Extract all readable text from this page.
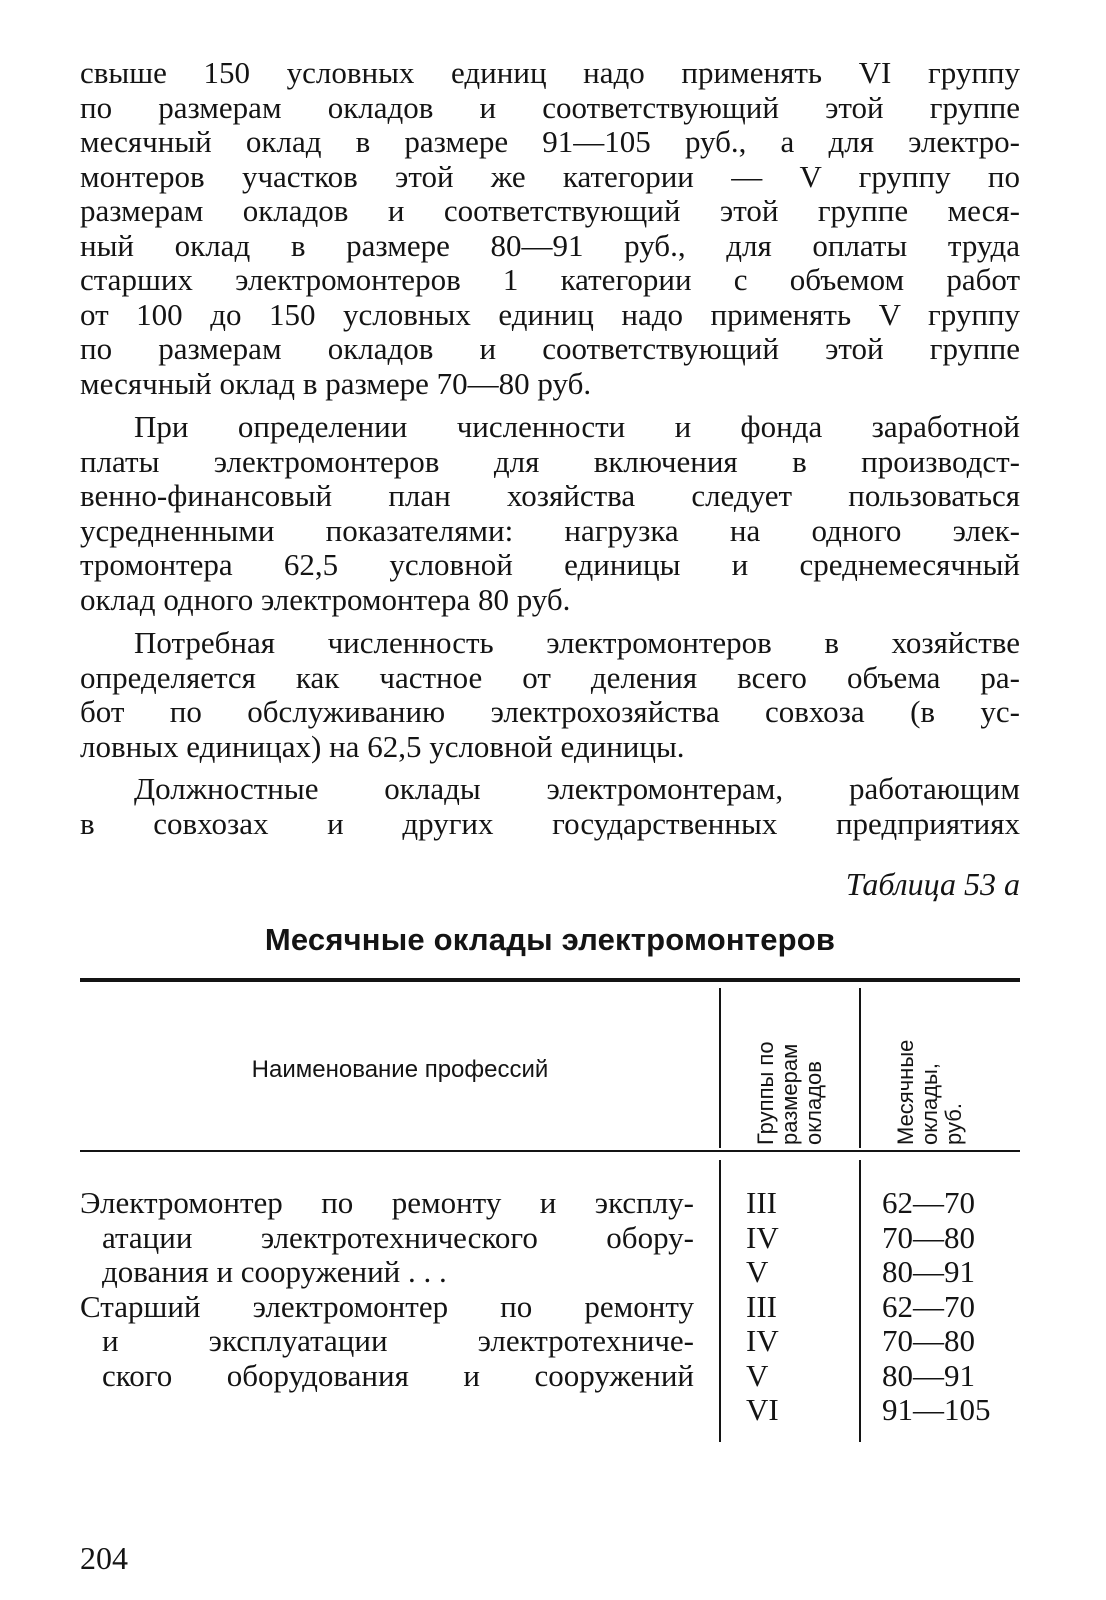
свыше 150 условных единиц надо применять VI группу
по размерам окладов и соответствующий этой группе
месячный оклад в размере 91—105 руб., а для электро-
монтеров участков этой же категории — V группу по
размерам окладов и соответствующий этой группе меся-
ный оклад в размере 80—91 руб., для оплаты труда
старших электромонтеров 1 категории с объемом работ
от 100 до 150 условных единиц надо применять V группу
по размерам окладов и соответствующий этой группе
месячный оклад в размере 70—80 руб.

При определении численности и фонда заработной
платы электромонтеров для включения в производст-
венно-финансовый план хозяйства следует пользоваться
усредненными показателями: нагрузка на одного элек-
тромонтера 62,5 условной единицы и среднемесячный
оклад одного электромонтера 80 руб.

Потребная численность электромонтеров в хозяйстве
определяется как частное от деления всего объема ра-
бот по обслуживанию электрохозяйства совхоза (в ус-
ловных единицах) на 62,5 условной единицы.

Должностные оклады электромонтерам, работающим
в совхозах и других государственных предприятиях

Таблица 53 а
Месячные оклады электромонтеров
Наименование профессий	Группы по размерам окладов	Месячные оклады, руб.
Электромонтер по ремонту и эксплу-
атации электротехнического обору-
дования и сооружений . . .
Старший электромонтер по ремонту
и эксплуатации электротехниче-
ского оборудования и сооружений
III
IV
V
III
IV
V
VI
62—70
70—80
80—91
62—70
70—80
80—91
91—105
204
